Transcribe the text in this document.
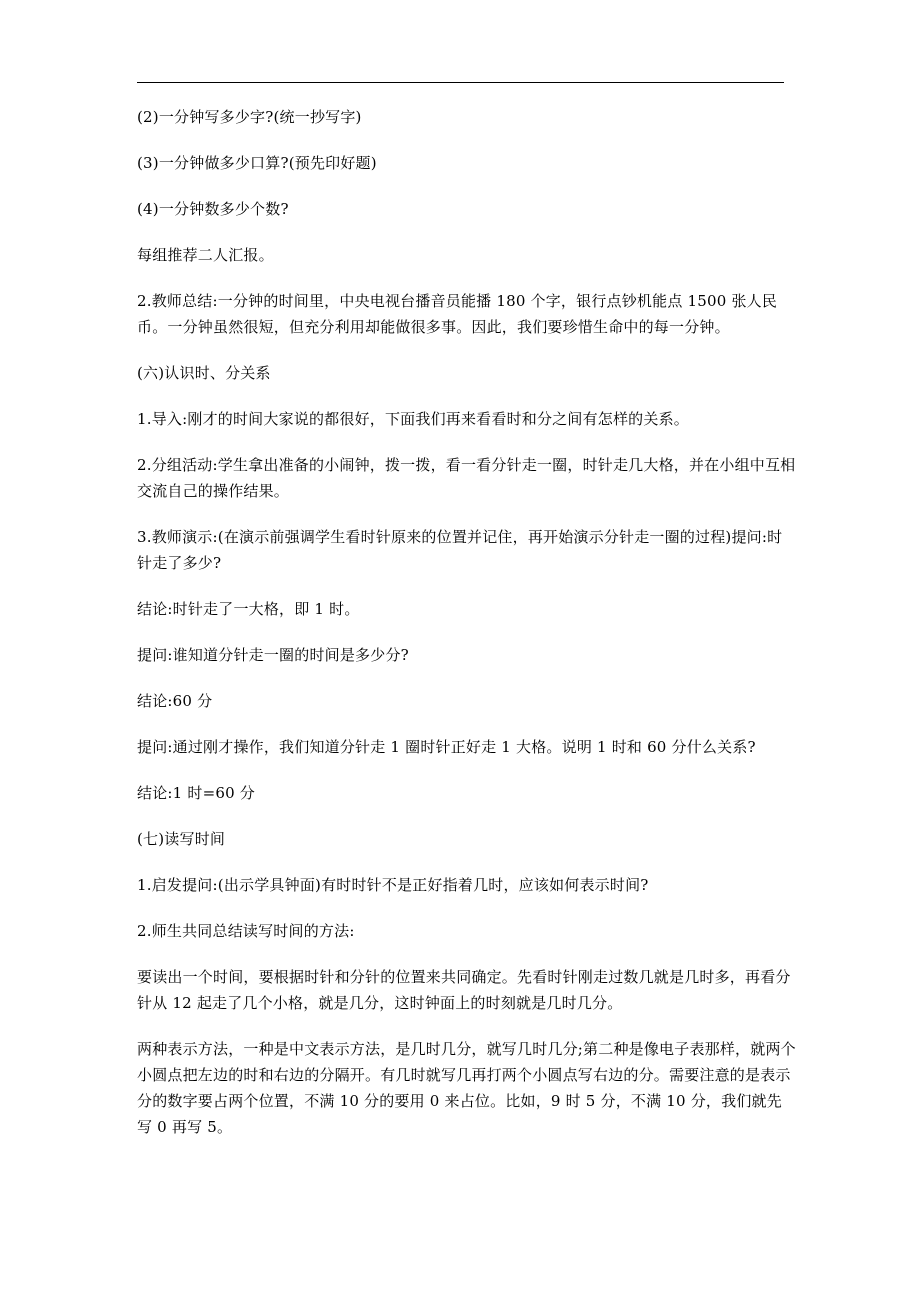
(2)一分钟写多少字?(统一抄写字)

(3)一分钟做多少口算?(预先印好题)

(4)一分钟数多少个数?

每组推荐二人汇报。

2.教师总结:一分钟的时间里，中央电视台播音员能播 180 个字，银行点钞机能点 1500 张人民币。一分钟虽然很短，但充分利用却能做很多事。因此，我们要珍惜生命中的每一分钟。

(六)认识时、分关系

1.导入:刚才的时间大家说的都很好，下面我们再来看看时和分之间有怎样的关系。

2.分组活动:学生拿出准备的小闹钟，拨一拨，看一看分针走一圈，时针走几大格，并在小组中互相交流自己的操作结果。

3.教师演示:(在演示前强调学生看时针原来的位置并记住，再开始演示分针走一圈的过程)提问:时针走了多少?

结论:时针走了一大格，即 1 时。

提问:谁知道分针走一圈的时间是多少分?

结论:60 分

提问:通过刚才操作，我们知道分针走 1 圈时针正好走 1 大格。说明 1 时和 60 分什么关系?

结论:1 时=60 分

(七)读写时间

1.启发提问:(出示学具钟面)有时时针不是正好指着几时，应该如何表示时间?

2.师生共同总结读写时间的方法:

要读出一个时间，要根据时针和分针的位置来共同确定。先看时针刚走过数几就是几时多，再看分针从 12 起走了几个小格，就是几分，这时钟面上的时刻就是几时几分。

两种表示方法，一种是中文表示方法，是几时几分，就写几时几分;第二种是像电子表那样，就两个小圆点把左边的时和右边的分隔开。有几时就写几再打两个小圆点写右边的分。需要注意的是表示分的数字要占两个位置，不满 10 分的要用 0 来占位。比如，9 时 5 分，不满 10 分，我们就先写 0 再写 5。
